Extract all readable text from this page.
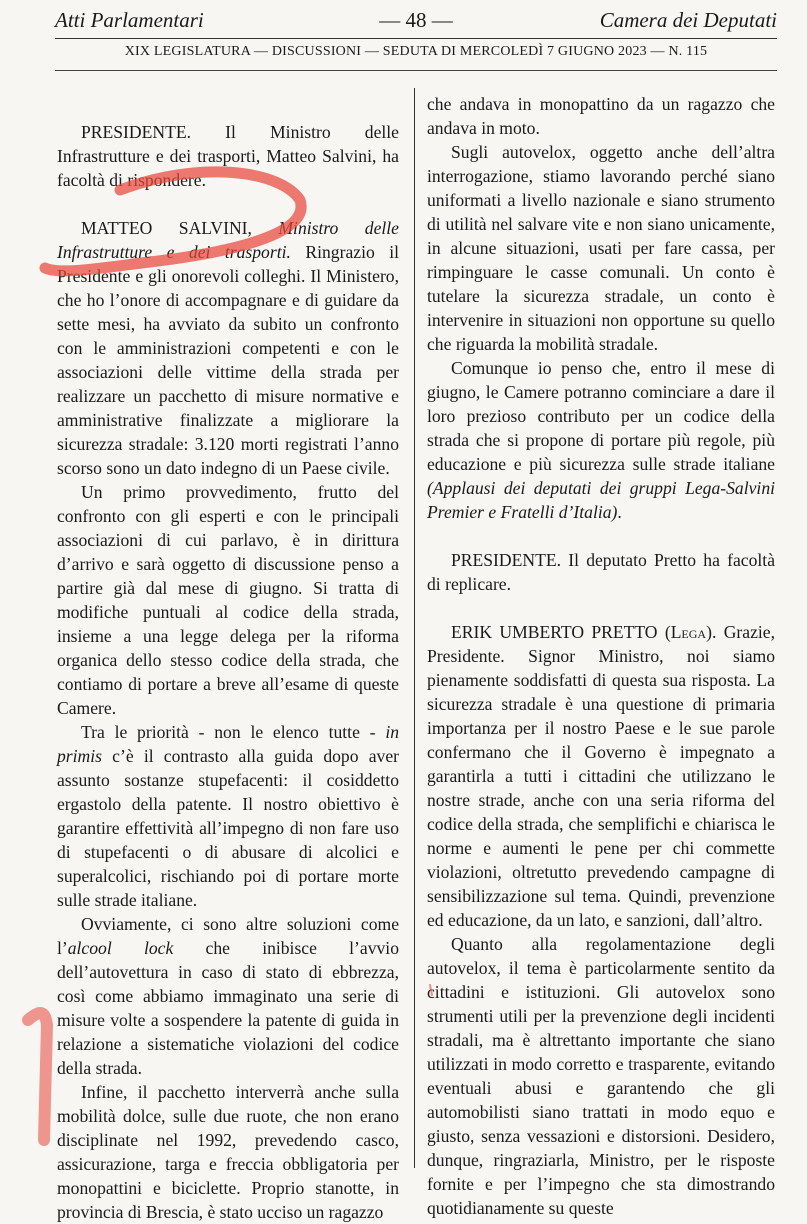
Atti Parlamentari	— 48 —	Camera dei Deputati
XIX LEGISLATURA — DISCUSSIONI — SEDUTA DI MERCOLEDÌ 7 GIUGNO 2023 — N. 115

PRESIDENTE. Il Ministro delle Infrastrutture e dei trasporti, Matteo Salvini, ha facoltà di rispondere.

MATTEO SALVINI, Ministro delle Infrastrutture e dei trasporti. Ringrazio il Presidente e gli onorevoli colleghi. Il Ministero, che ho l’onore di accompagnare e di guidare da sette mesi, ha avviato da subito un confronto con le amministrazioni competenti e con le associazioni delle vittime della strada per realizzare un pacchetto di misure normative e amministrative finalizzate a migliorare la sicurezza stradale: 3.120 morti registrati l’anno scorso sono un dato indegno di un Paese civile.

Un primo provvedimento, frutto del confronto con gli esperti e con le principali associazioni di cui parlavo, è in dirittura d’arrivo e sarà oggetto di discussione penso a partire già dal mese di giugno. Si tratta di modifiche puntuali al codice della strada, insieme a una legge delega per la riforma organica dello stesso codice della strada, che contiamo di portare a breve all’esame di queste Camere.

Tra le priorità - non le elenco tutte - in primis c’è il contrasto alla guida dopo aver assunto sostanze stupefacenti: il cosiddetto ergastolo della patente. Il nostro obiettivo è garantire effettività all’impegno di non fare uso di stupefacenti o di abusare di alcolici e superalcolici, rischiando poi di portare morte sulle strade italiane.

Ovviamente, ci sono altre soluzioni come l’alcool lock che inibisce l’avvio dell’autovettura in caso di stato di ebbrezza, così come abbiamo immaginato una serie di misure volte a sospendere la patente di guida in relazione a sistematiche violazioni del codice della strada.

Infine, il pacchetto interverrà anche sulla mobilità dolce, sulle due ruote, che non erano disciplinate nel 1992, prevedendo casco, assicurazione, targa e freccia obbligatoria per monopattini e biciclette. Proprio stanotte, in provincia di Brescia, è stato ucciso un ragazzo

che andava in monopattino da un ragazzo che andava in moto.

Sugli autovelox, oggetto anche dell’altra interrogazione, stiamo lavorando perché siano uniformati a livello nazionale e siano strumento di utilità nel salvare vite e non siano unicamente, in alcune situazioni, usati per fare cassa, per rimpinguare le casse comunali. Un conto è tutelare la sicurezza stradale, un conto è intervenire in situazioni non opportune su quello che riguarda la mobilità stradale.

Comunque io penso che, entro il mese di giugno, le Camere potranno cominciare a dare il loro prezioso contributo per un codice della strada che si propone di portare più regole, più educazione e più sicurezza sulle strade italiane (Applausi dei deputati dei gruppi Lega-Salvini Premier e Fratelli d’Italia).

PRESIDENTE. Il deputato Pretto ha facoltà di replicare.

ERIK UMBERTO PRETTO (Lega). Grazie, Presidente. Signor Ministro, noi siamo pienamente soddisfatti di questa sua risposta. La sicurezza stradale è una questione di primaria importanza per il nostro Paese e le sue parole confermano che il Governo è impegnato a garantirla a tutti i cittadini che utilizzano le nostre strade, anche con una seria riforma del codice della strada, che semplifichi e chiarisca le norme e aumenti le pene per chi commette violazioni, oltretutto prevedendo campagne di sensibilizzazione sul tema. Quindi, prevenzione ed educazione, da un lato, e sanzioni, dall’altro.

Quanto alla regolamentazione degli autovelox, il tema è particolarmente sentito da cittadini e istituzioni. Gli autovelox sono strumenti utili per la prevenzione degli incidenti stradali, ma è altrettanto importante che siano utilizzati in modo corretto e trasparente, evitando eventuali abusi e garantendo che gli automobilisti siano trattati in modo equo e giusto, senza vessazioni e distorsioni. Desidero, dunque, ringraziarla, Ministro, per le risposte fornite e per l’impegno che sta dimostrando quotidianamente su queste
